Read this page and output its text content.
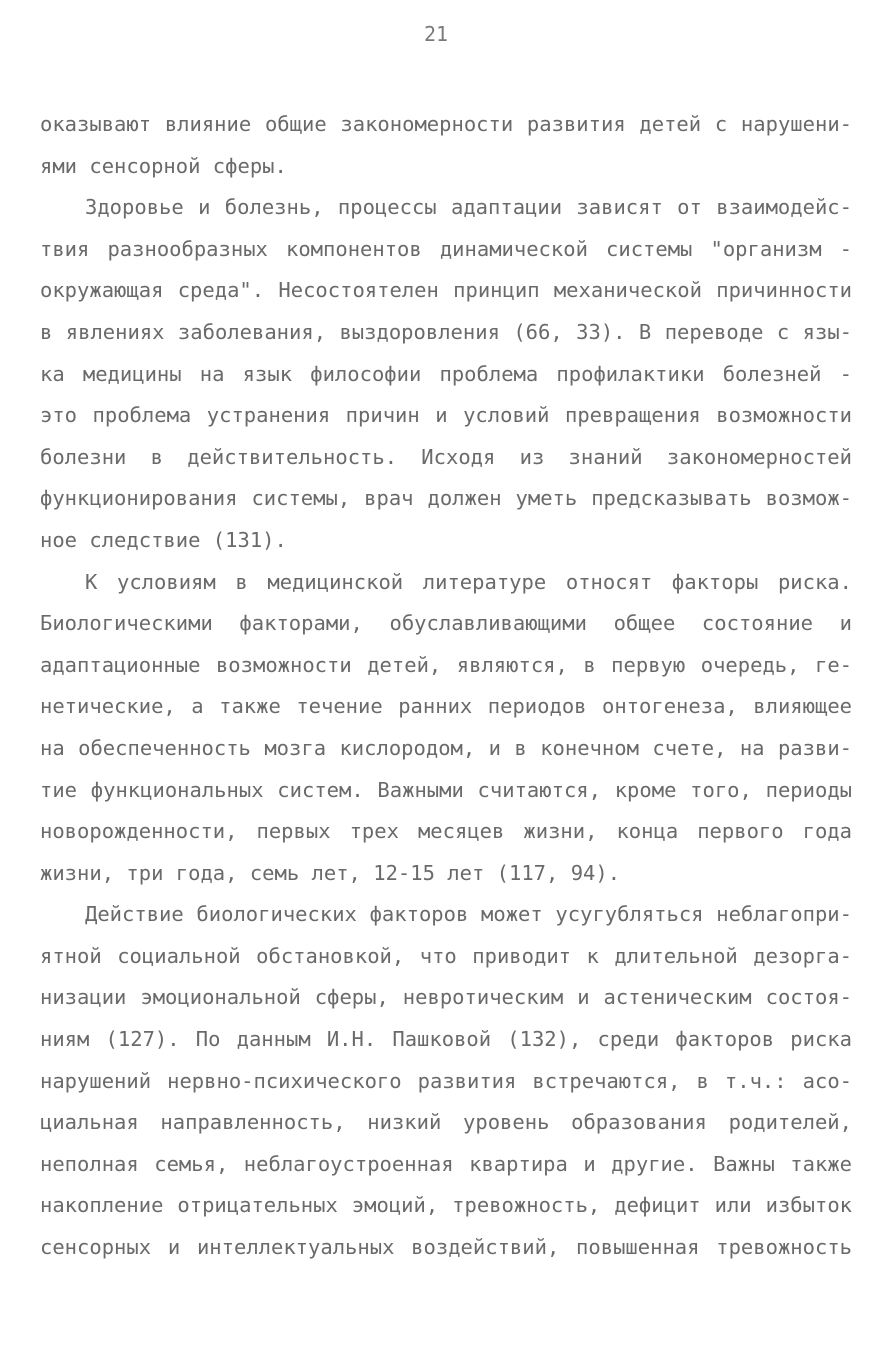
21
оказывают влияние общие закономерности развития детей с нарушени-
ями сенсорной сферы.
Здоровье и болезнь, процессы адаптации зависят от взаимодейс-
твия разнообразных компонентов динамической системы "организм -
окружающая среда". Несостоятелен принцип механической причинности
в явлениях заболевания, выздоровления (66, 33). В переводе с язы-
ка медицины на язык философии проблема профилактики болезней -
это проблема устранения причин и условий превращения возможности
болезни в действительность. Исходя из знаний закономерностей
функционирования системы, врач должен уметь предсказывать возмож-
ное следствие (131).
К условиям в медицинской литературе относят факторы риска.
Биологическими факторами, обуславливающими общее состояние и
адаптационные возможности детей, являются, в первую очередь, ге-
нетические, а также течение ранних периодов онтогенеза, влияющее
на обеспеченность мозга кислородом, и в конечном счете, на разви-
тие функциональных систем. Важными считаются, кроме того, периоды
новорожденности, первых трех месяцев жизни, конца первого года
жизни, три года, семь лет, 12-15 лет (117, 94).
Действие биологических факторов может усугубляться неблагопри-
ятной социальной обстановкой, что приводит к длительной дезорга-
низации эмоциональной сферы, невротическим и астеническим состоя-
ниям (127). По данным И.Н. Пашковой (132), среди факторов риска
нарушений нервно-психического развития встречаются, в т.ч.: асо-
циальная направленность, низкий уровень образования родителей,
неполная семья, неблагоустроенная квартира и другие. Важны также
накопление отрицательных эмоций, тревожность, дефицит или избыток
сенсорных и интеллектуальных воздействий, повышенная тревожность
